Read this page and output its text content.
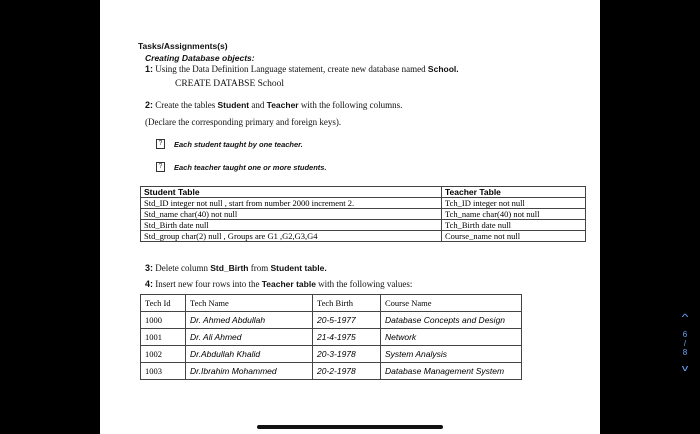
Tasks/Assignments(s)
Creating Database objects:
1: Using the Data Definition Language statement, create new database named School.
CREATE DATABSE School
2: Create the tables Student and Teacher with the following columns.
(Declare the corresponding primary and foreign keys).
?	Each student taught by one teacher.
?	Each teacher taught one or more students.
Student Table	Teacher Table
Std_ID integer not null , start from number 2000 increment 2.	Tch_ID integer not null
Std_name char(40) not null	Tch_name char(40) not null
Std_Birth date null	Tch_Birth date null
Std_group char(2) null , Groups are G1 ,G2,G3,G4	Course_name not null
3: Delete column Std_Birth from Student table.
4: Insert new four rows into the Teacher table with the following values:
Tech Id	Tech Name	Tech Birth	Course Name
1000	Dr. Ahmed Abdullah	20-5-1977	Database Concepts and Design
1001	Dr. Ali Ahmed	21-4-1975	Network
1002	Dr.Abdullah Khalid	20-3-1978	System Analysis
1003	Dr.Ibrahim Mohammed	20-2-1978	Database Management System
^
6
/
8
v
